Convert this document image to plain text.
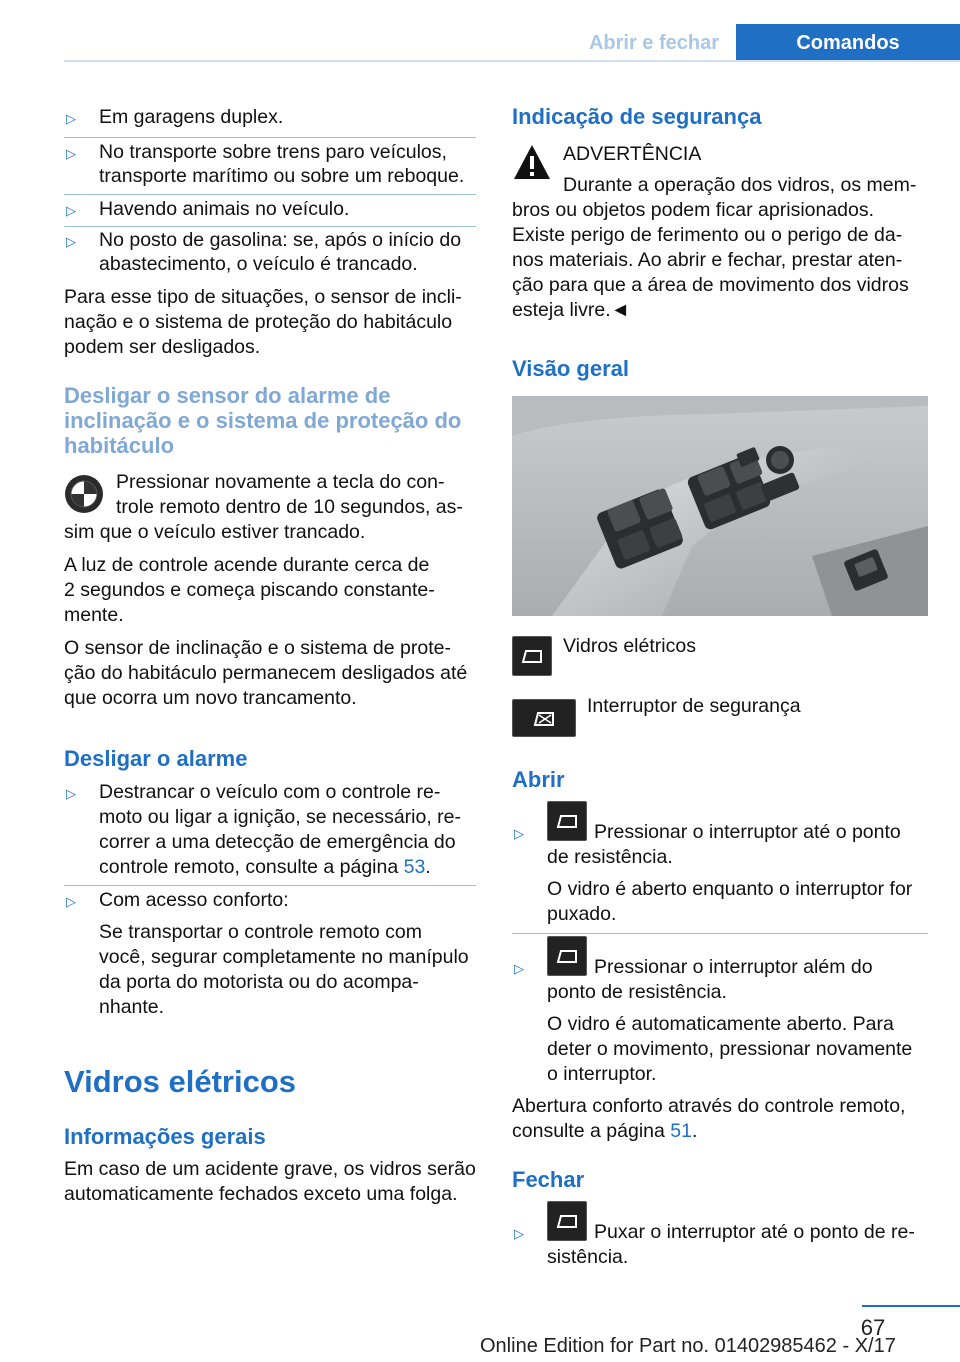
Abrir e fechar	Comandos
▷ Em garagens duplex.
▷ No transporte sobre trens paro veículos,
transporte marítimo ou sobre um reboque.
▷ Havendo animais no veículo.
▷ No posto de gasolina: se, após o início do
abastecimento, o veículo é trancado.
Para esse tipo de situações, o sensor de incli-
nação e o sistema de proteção do habitáculo
podem ser desligados.
Desligar o sensor do alarme de
inclinação e o sistema de proteção do
habitáculo
Pressionar novamente a tecla do con-
trole remoto dentro de 10 segundos, as-
sim que o veículo estiver trancado.
A luz de controle acende durante cerca de
2 segundos e começa piscando constante-
mente.
O sensor de inclinação e o sistema de prote-
ção do habitáculo permanecem desligados até
que ocorra um novo trancamento.
Desligar o alarme
▷ Destrancar o veículo com o controle re-
moto ou ligar a ignição, se necessário, re-
correr a uma detecção de emergência do
controle remoto, consulte a página 53.
▷ Com acesso conforto:
Se transportar o controle remoto com
você, segurar completamente no manípulo
da porta do motorista ou do acompa-
nhante.
Vidros elétricos
Informações gerais
Em caso de um acidente grave, os vidros serão
automaticamente fechados exceto uma folga.
Indicação de segurança
ADVERTÊNCIA
Durante a operação dos vidros, os mem-
bros ou objetos podem ficar aprisionados.
Existe perigo de ferimento ou o perigo de da-
nos materiais. Ao abrir e fechar, prestar aten-
ção para que a área de movimento dos vidros
esteja livre.◄
Visão geral
Vidros elétricos
Interruptor de segurança
Abrir
▷	Pressionar o interruptor até o ponto
de resistência.
O vidro é aberto enquanto o interruptor for
puxado.
▷	Pressionar o interruptor além do
ponto de resistência.
O vidro é automaticamente aberto. Para
deter o movimento, pressionar novamente
o interruptor.
Abertura conforto através do controle remoto,
consulte a página 51.
Fechar
▷	Puxar o interruptor até o ponto de re-
sistência.
67
Online Edition for Part no. 01402985462 - X/17
